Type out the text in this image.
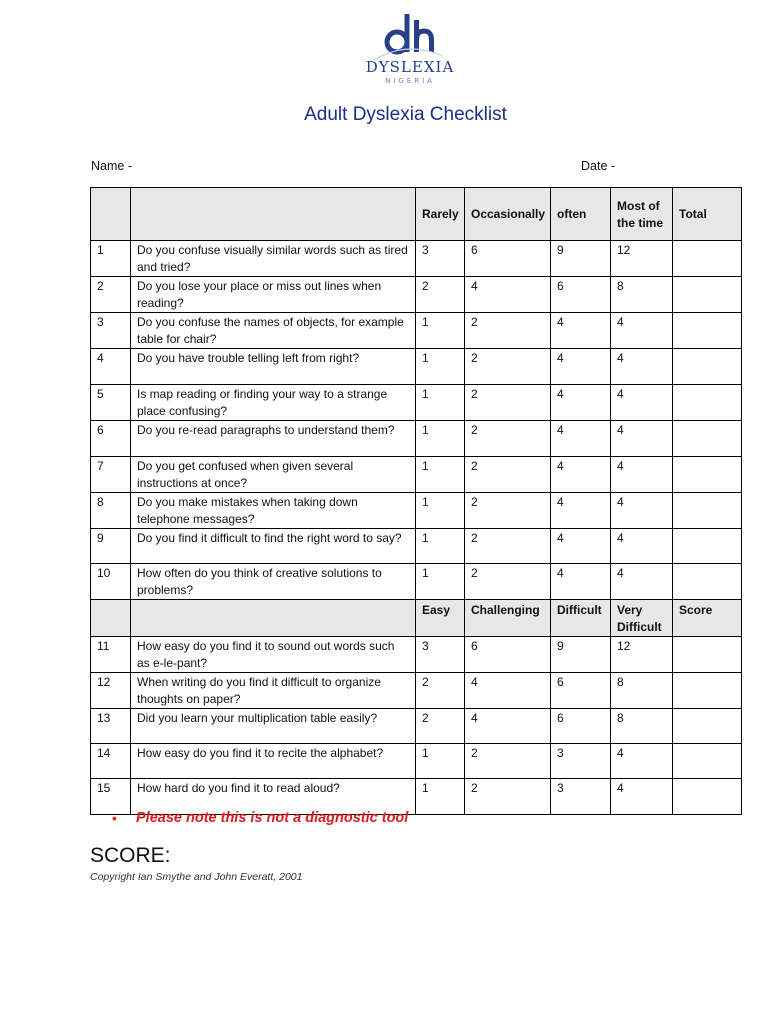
DYSLEXIA
NIGERIA
Adult Dyslexia Checklist
Name -	Date -
		Rarely	Occasionally	often	Most of the time	Total
1	Do you confuse visually similar words such as tired and tried?	3	6	9	12	
2	Do you lose your place or miss out lines when reading?	2	4	6	8	
3	Do you confuse the names of objects, for example table for chair?	1	2	4	4	
4	Do you have trouble telling left from right?	1	2	4	4	
5	Is map reading or finding your way to a strange place confusing?	1	2	4	4	
6	Do you re-read paragraphs to understand them?	1	2	4	4	
7	Do you get confused when given several instructions at once?	1	2	4	4	
8	Do you make mistakes when taking down telephone messages?	1	2	4	4	
9	Do you find it difficult to find the right word to say?	1	2	4	4	
10	How often do you think of creative solutions to problems?	1	2	4	4	
		Easy	Challenging	Difficult	Very Difficult	Score
11	How easy do you find it to sound out words such as e-le-pant?	3	6	9	12	
12	When writing do you find it difficult to organize thoughts on paper?	2	4	6	8	
13	Did you learn your multiplication table easily?	2	4	6	8	
14	How easy do you find it to recite the alphabet?	1	2	3	4	
15	How hard do you find it to read aloud?	1	2	3	4	
• Please note this is not a diagnostic tool
SCORE:
Copyright Ian Smythe and John Everatt, 2001
